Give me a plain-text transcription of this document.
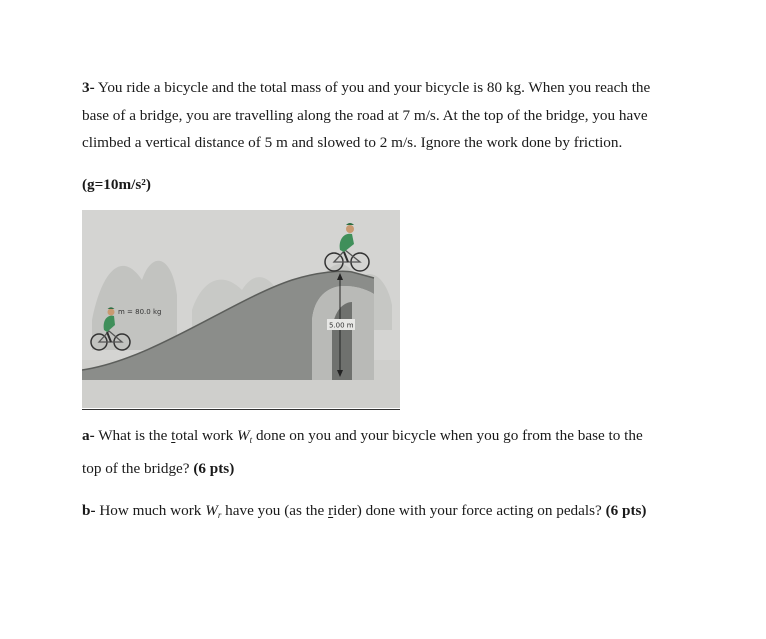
3- You ride a bicycle and the total mass of you and your bicycle is 80 kg. When you reach the
base of a bridge, you are travelling along the road at 7 m/s. At the top of the bridge, you have
climbed a vertical distance of 5 m and slowed to 2 m/s. Ignore the work done by friction.
(g=10m/s²)
5.00 m
m = 80.0 kg
a- What is the total work $W_t$ done on you and your bicycle when you go from the base to the
top of the bridge? (6 pts)
b- How much work $W_r$ have you (as the rider) done with your force acting on pedals? (6 pts)
